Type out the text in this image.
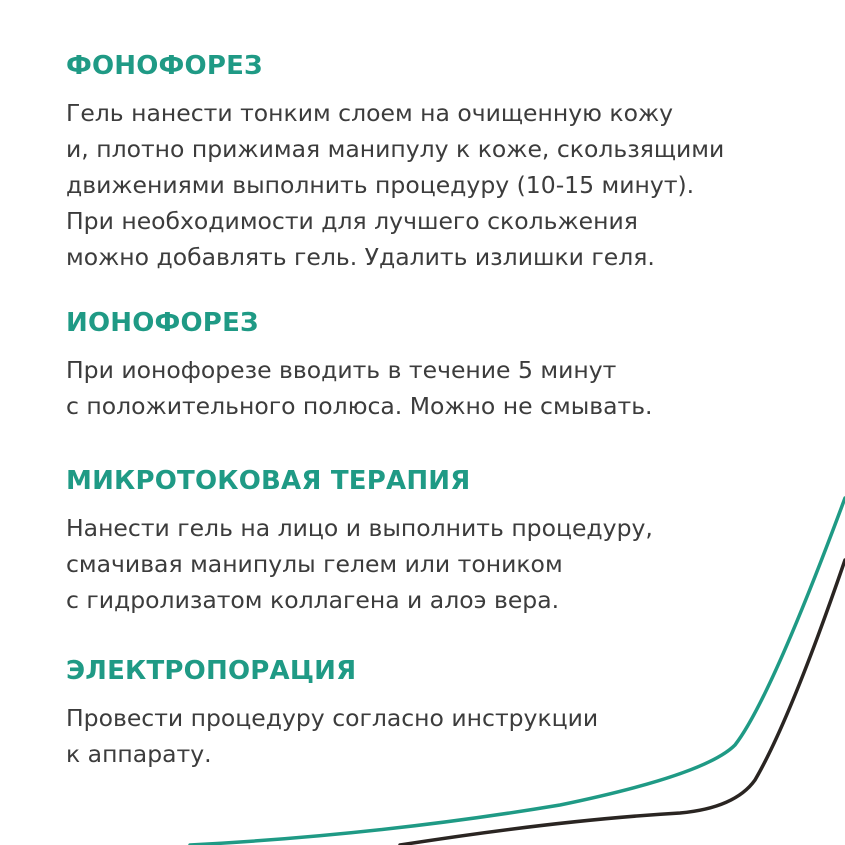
ФОНОФОРЕЗ

Гель нанести тонким слоем на очищенную кожу
и, плотно прижимая манипулу к коже, скользящими
движениями выполнить процедуру (10-15 минут).
При необходимости для лучшего скольжения
можно добавлять гель. Удалить излишки геля.

ИОНОФОРЕЗ

При ионофорезе вводить в течение 5 минут
с положительного полюса. Можно не смывать.

МИКРОТОКОВАЯ ТЕРАПИЯ

Нанести гель на лицо и выполнить процедуру,
смачивая манипулы гелем или тоником
с гидролизатом коллагена и алоэ вера.

ЭЛЕКТРОПОРАЦИЯ

Провести процедуру согласно инструкции
к аппарату.
